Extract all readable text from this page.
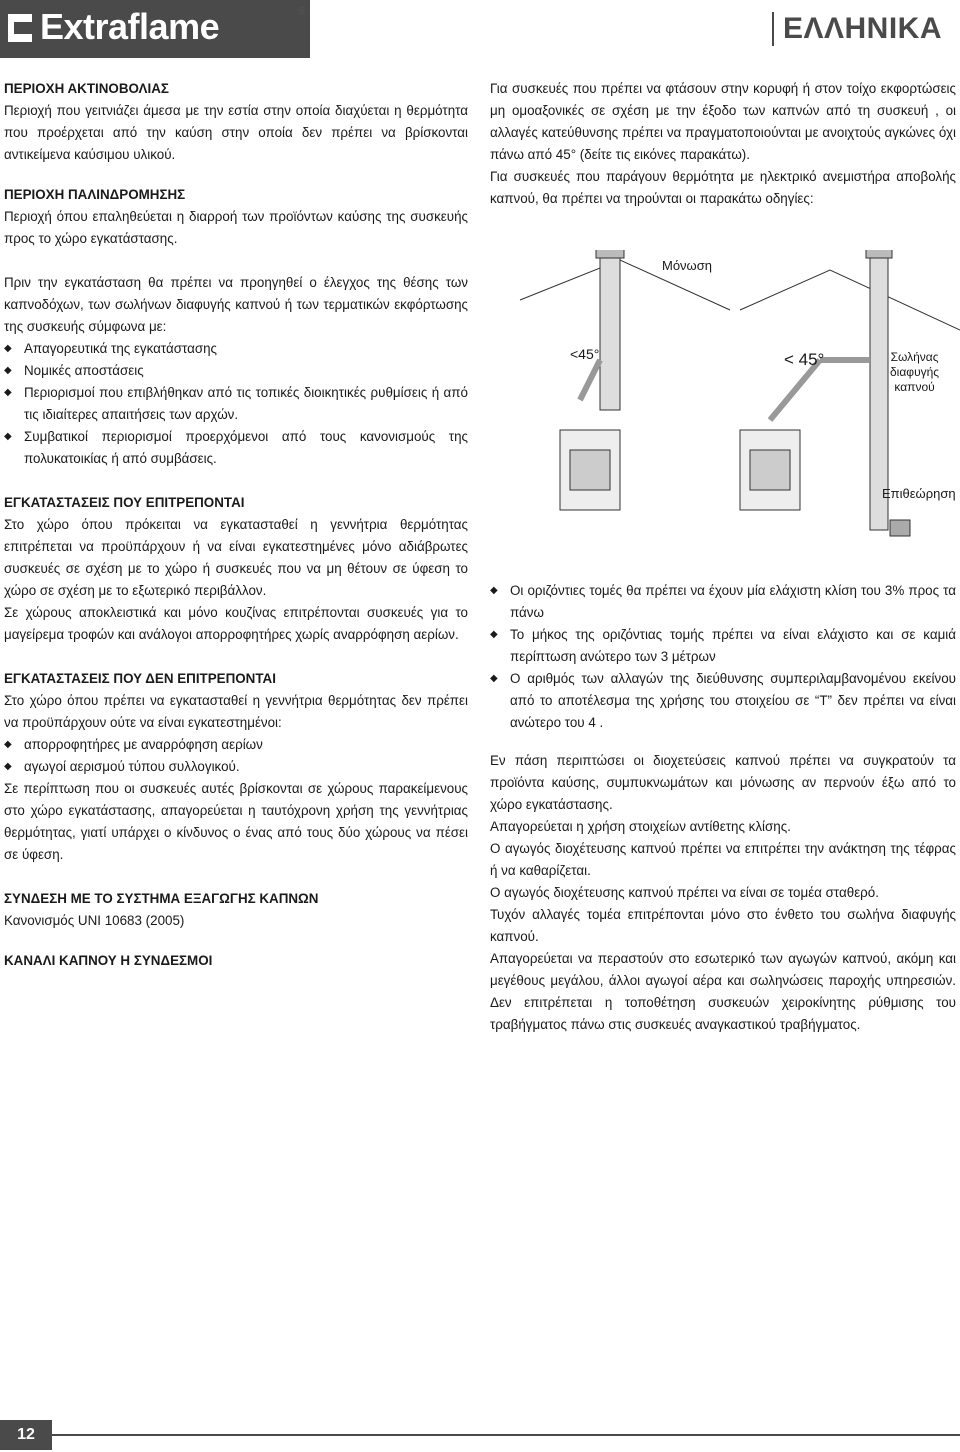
Extraflame	®	ΕΛΛΗΝΙΚΑ

ΠΕΡΙΟΧΗ ΑΚΤΙΝΟΒΟΛΙΑΣ

Περιοχή που γειτνιάζει άμεσα με την εστία στην οποία διαχύεται η θερμότητα που προέρχεται από την καύση στην οποία δεν πρέπει να βρίσκονται αντικείμενα καύσιμου υλικού.

ΠΕΡΙΟΧΗ ΠΑΛΙΝΔΡΟΜΗΣΗΣ

Περιοχή όπου επαληθεύεται η διαρροή των προϊόντων καύσης της συσκευής προς το χώρο εγκατάστασης.

Πριν την εγκατάσταση θα πρέπει να προηγηθεί ο έλεγχος της θέσης των καπνοδόχων, των σωλήνων διαφυγής καπνού ή των τερματικών εκφόρτωσης της συσκευής σύμφωνα με:

◆ Απαγορευτικά της εγκατάστασης
◆ Νομικές αποστάσεις
◆ Περιορισμοί που επιβλήθηκαν από τις τοπικές διοικητικές ρυθμίσεις ή από τις ιδιαίτερες απαιτήσεις των αρχών.
◆ Συμβατικοί περιορισμοί προερχόμενοι από τους κανονισμούς της πολυκατοικίας ή από συμβάσεις.

ΕΓΚΑΤΑΣΤΑΣΕΙΣ ΠΟΥ ΕΠΙΤΡΕΠΟΝΤΑΙ

Στο χώρο όπου πρόκειται να εγκατασταθεί η γεννήτρια θερμότητας επιτρέπεται να προϋπάρχουν ή να είναι εγκατεστημένες μόνο αδιάβρωτες συσκευές σε σχέση με το χώρο ή συσκευές που να μη θέτουν σε ύφεση το χώρο σε σχέση με το εξωτερικό περιβάλλον.

Σε χώρους αποκλειστικά και μόνο κουζίνας επιτρέπονται συσκευές για το μαγείρεμα τροφών και ανάλογοι απορροφητήρες χωρίς αναρρόφηση αερίων.

ΕΓΚΑΤΑΣΤΑΣΕΙΣ ΠΟΥ ΔΕΝ ΕΠΙΤΡΕΠΟΝΤΑΙ

Στο χώρο όπου πρέπει να εγκατασταθεί η γεννήτρια θερμότητας δεν πρέπει να προϋπάρχουν ούτε να είναι εγκατεστημένοι:

◆ απορροφητήρες με αναρρόφηση αερίων
◆ αγωγοί αερισμού τύπου συλλογικού.

Σε περίπτωση που οι συσκευές αυτές βρίσκονται σε χώρους παρακείμενους στο χώρο εγκατάστασης, απαγορεύεται η ταυτόχρονη χρήση της γεννήτριας θερμότητας, γιατί υπάρχει ο κίνδυνος ο ένας από τους δύο χώρους να πέσει σε ύφεση.

ΣΥΝΔΕΣΗ ΜΕ ΤΟ ΣΥΣΤΗΜΑ ΕΞΑΓΩΓΗΣ ΚΑΠΝΩΝ

Κανονισμός UNI 10683 (2005)

ΚΑΝΑΛΙ ΚΑΠΝΟΥ Η ΣΥΝΔΕΣΜΟΙ

Για συσκευές που πρέπει να φτάσουν στην κορυφή ή στον τοίχο εκφορτώσεις μη ομοαξονικές σε σχέση με την έξοδο των καπνών από τη συσκευή , οι αλλαγές κατεύθυνσης πρέπει να πραγματοποιούνται με ανοιχτούς αγκώνες όχι πάνω από 45° (δείτε τις εικόνες παρακάτω).

Για συσκευές που παράγουν θερμότητα με ηλεκτρικό ανεμιστήρα αποβολής καπνού, θα πρέπει να τηρούνται οι παρακάτω οδηγίες:

Μόνωση
<45°	< 45°	Σωλήνας
διαφυγής
καπνού
Επιθεώρηση
◆ Οι οριζόντιες τομές θα πρέπει να έχουν μία ελάχιστη κλίση του 3% προς τα πάνω
◆ Το μήκος της οριζόντιας τομής πρέπει να είναι ελάχιστο και σε καμιά περίπτωση ανώτερο των 3 μέτρων
◆ Ο αριθμός των αλλαγών της διεύθυνσης συμπεριλαμβανομένου εκείνου από το αποτέλεσμα της χρήσης του στοιχείου σε “Τ” δεν πρέπει να είναι ανώτερο του 4 .

Εν πάση περιπτώσει οι διοχετεύσεις καπνού πρέπει να συγκρατούν τα προϊόντα καύσης, συμπυκνωμάτων και μόνωσης αν περνούν έξω από το χώρο εγκατάστασης.

Απαγορεύεται η χρήση στοιχείων αντίθετης κλίσης.

Ο αγωγός διοχέτευσης καπνού πρέπει να επιτρέπει την ανάκτηση της τέφρας ή να καθαρίζεται.

Ο αγωγός διοχέτευσης καπνού πρέπει να είναι σε τομέα σταθερό.

Τυχόν αλλαγές τομέα επιτρέπονται μόνο στο ένθετο του σωλήνα διαφυγής καπνού.

Απαγορεύεται να περαστούν στο εσωτερικό των αγωγών καπνού, ακόμη και μεγέθους μεγάλου, άλλοι αγωγοί αέρα και σωληνώσεις παροχής υπηρεσιών. Δεν επιτρέπεται η τοποθέτηση συσκευών χειροκίνητης ρύθμισης του τραβήγματος πάνω στις συσκευές αναγκαστικού τραβήγματος.

12
